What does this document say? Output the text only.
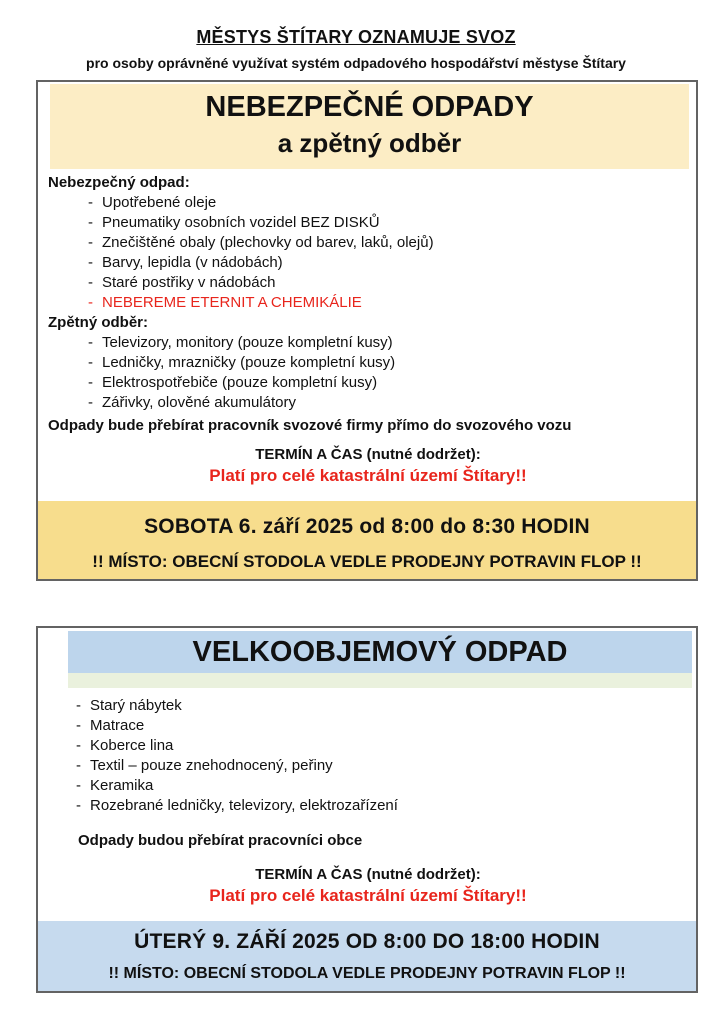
MĚSTYS ŠTÍTARY OZNAMUJE SVOZ
pro osoby oprávněné využívat systém odpadového hospodářství městyse Štítary
NEBEZPEČNÉ ODPADY
a zpětný odběr
Nebezpečný odpad:
- Upotřebené oleje
- Pneumatiky osobních vozidel BEZ DISKŮ
- Znečištěné obaly (plechovky od barev, laků, olejů)
- Barvy, lepidla (v nádobách)
- Staré postřiky v nádobách
- NEBEREME ETERNIT A CHEMIKÁLIE
Zpětný odběr:
- Televizory, monitory (pouze kompletní kusy)
- Ledničky, mrazničky (pouze kompletní kusy)
- Elektrospotřebiče (pouze kompletní kusy)
- Zářivky, olověné akumulátory
Odpady bude přebírat pracovník svozové firmy přímo do svozového vozu
TERMÍN A ČAS (nutné dodržet):
Platí pro celé katastrální území Štítary!!
SOBOTA 6. září 2025 od 8:00 do 8:30 HODIN
!! MÍSTO: OBECNÍ STODOLA VEDLE PRODEJNY POTRAVIN FLOP !!
VELKOOBJEMOVÝ ODPAD
- Starý nábytek
- Matrace
- Koberce lina
- Textil – pouze znehodnocený, peřiny
- Keramika
- Rozebrané ledničky, televizory, elektrozařízení
Odpady budou přebírat pracovníci obce
TERMÍN A ČAS (nutné dodržet):
Platí pro celé katastrální území Štítary!!
ÚTERÝ 9. ZÁŘÍ 2025 OD 8:00 DO 18:00 HODIN
!! MÍSTO: OBECNÍ STODOLA VEDLE PRODEJNY POTRAVIN FLOP !!
